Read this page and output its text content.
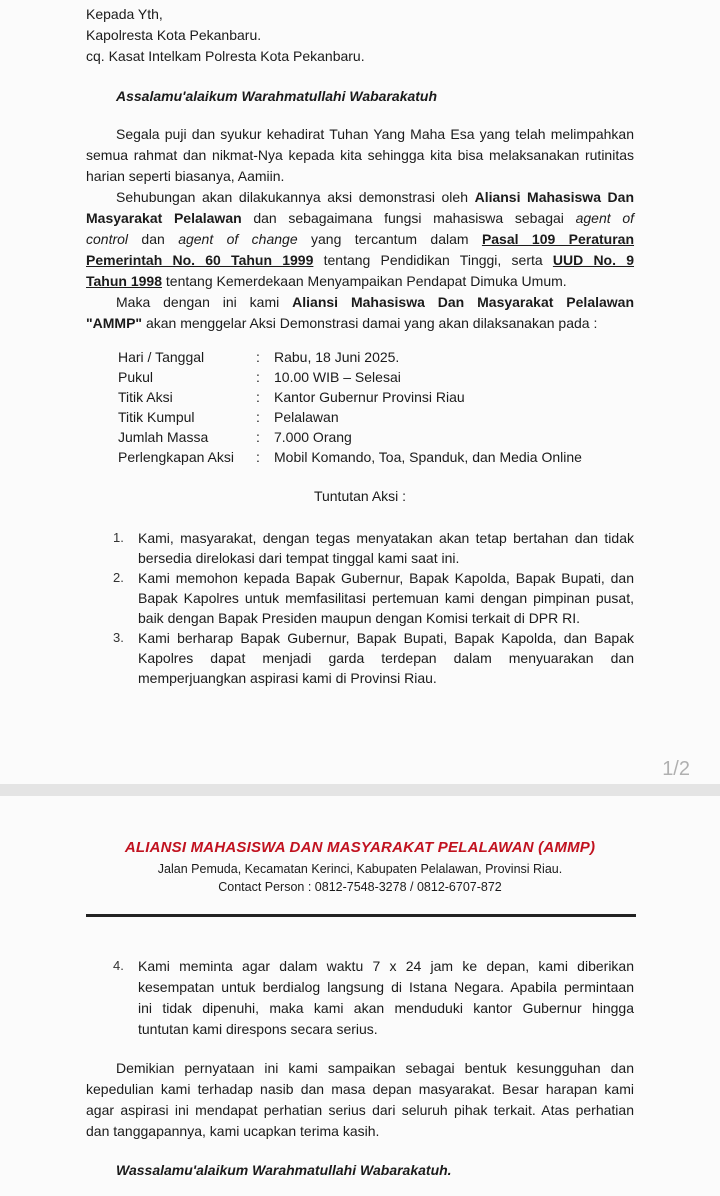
Kepada Yth,
Kapolresta Kota Pekanbaru.
cq. Kasat Intelkam Polresta Kota Pekanbaru.
Assalamu'alaikum Warahmatullahi Wabarakatuh
Segala puji dan syukur kehadirat Tuhan Yang Maha Esa yang telah melimpahkan
semua rahmat dan nikmat-Nya kepada kita sehingga kita bisa melaksanakan rutinitas
harian seperti biasanya, Aamiin.
Sehubungan akan dilakukannya aksi demonstrasi oleh Aliansi Mahasiswa Dan
Masyarakat Pelalawan dan sebagaimana fungsi mahasiswa sebagai agent of
control dan agent of change yang tercantum dalam Pasal 109 Peraturan
Pemerintah No. 60 Tahun 1999 tentang Pendidikan Tinggi, serta UUD No. 9
Tahun 1998 tentang Kemerdekaan Menyampaikan Pendapat Dimuka Umum.
Maka dengan ini kami Aliansi Mahasiswa Dan Masyarakat Pelalawan
"AMMP" akan menggelar Aksi Demonstrasi damai yang akan dilaksanakan pada :
Hari / Tanggal	: Rabu, 18 Juni 2025.
Pukul	: 10.00 WIB – Selesai
Titik Aksi	: Kantor Gubernur Provinsi Riau
Titik Kumpul	: Pelalawan
Jumlah Massa	: 7.000 Orang
Perlengkapan Aksi : Mobil Komando, Toa, Spanduk, dan Media Online
Tuntutan Aksi :
1. Kami, masyarakat, dengan tegas menyatakan akan tetap bertahan dan tidak
bersedia direlokasi dari tempat tinggal kami saat ini.
2. Kami memohon kepada Bapak Gubernur, Bapak Kapolda, Bapak Bupati, dan
Bapak Kapolres untuk memfasilitasi pertemuan kami dengan pimpinan pusat,
baik dengan Bapak Presiden maupun dengan Komisi terkait di DPR RI.
3. Kami berharap Bapak Gubernur, Bapak Bupati, Bapak Kapolda, dan Bapak
Kapolres dapat menjadi garda terdepan dalam menyuarakan dan
memperjuangkan aspirasi kami di Provinsi Riau.
1/2
ALIANSI MAHASISWA DAN MASYARAKAT PELALAWAN (AMMP)
Jalan Pemuda, Kecamatan Kerinci, Kabupaten Pelalawan, Provinsi Riau.
Contact Person : 0812-7548-3278 / 0812-6707-872
4. Kami meminta agar dalam waktu 7 x 24 jam ke depan, kami diberikan
kesempatan untuk berdialog langsung di Istana Negara. Apabila permintaan
ini tidak dipenuhi, maka kami akan menduduki kantor Gubernur hingga
tuntutan kami direspons secara serius.
Demikian pernyataan ini kami sampaikan sebagai bentuk kesungguhan dan
kepedulian kami terhadap nasib dan masa depan masyarakat. Besar harapan kami
agar aspirasi ini mendapat perhatian serius dari seluruh pihak terkait. Atas perhatian
dan tanggapannya, kami ucapkan terima kasih.
Wassalamu'alaikum Warahmatullahi Wabarakatuh.
